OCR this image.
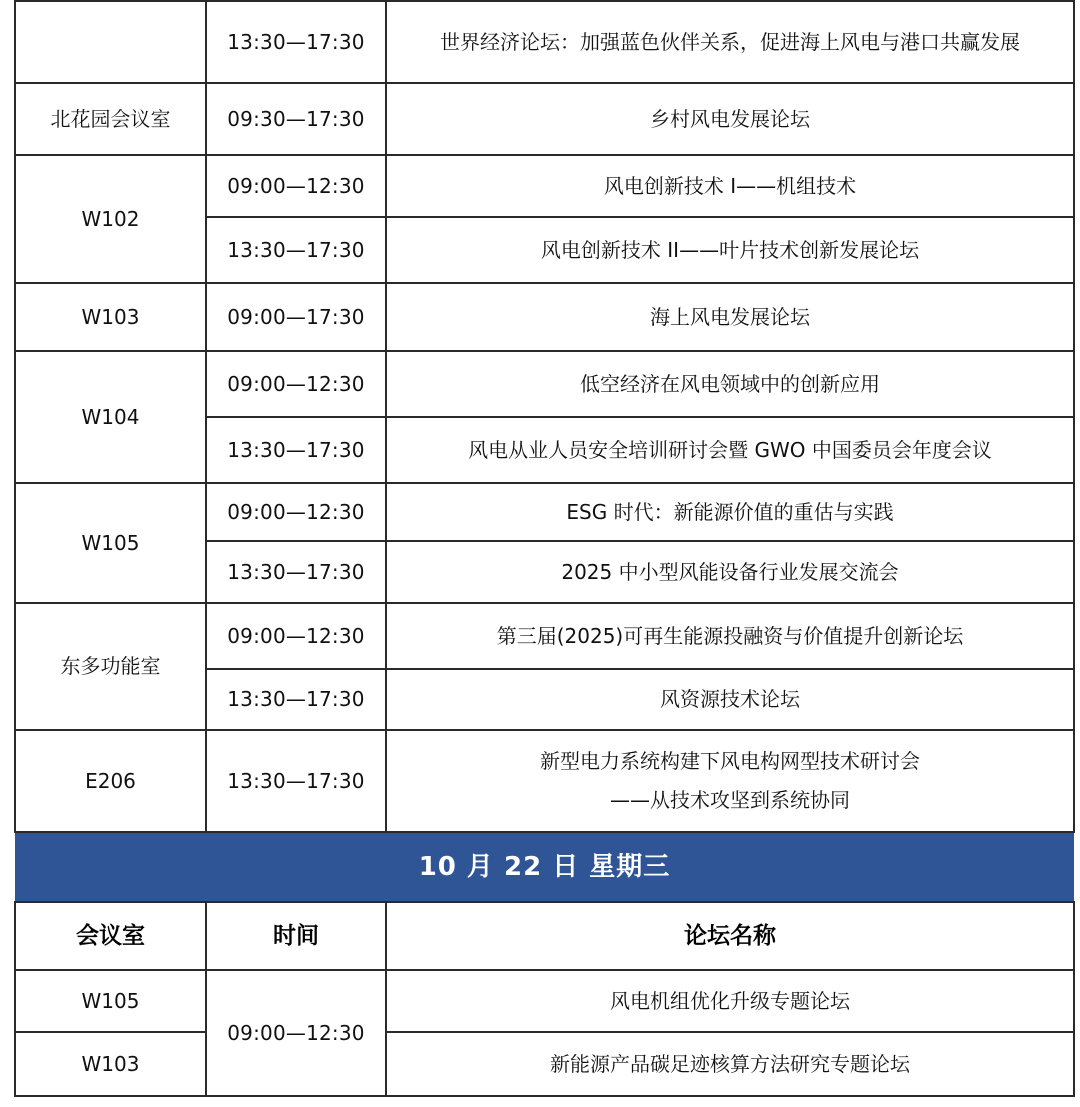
	13:30—17:30	世界经济论坛：加强蓝色伙伴关系，促进海上风电与港口共赢发展
北花园会议室	09:30—17:30	乡村风电发展论坛
W102	09:00—12:30	风电创新技术 I——机组技术
	13:30—17:30	风电创新技术 II——叶片技术创新发展论坛
W103	09:00—17:30	海上风电发展论坛
W104	09:00—12:30	低空经济在风电领域中的创新应用
	13:30—17:30	风电从业人员安全培训研讨会暨 GWO 中国委员会年度会议
W105	09:00—12:30	ESG 时代：新能源价值的重估与实践
	13:30—17:30	2025 中小型风能设备行业发展交流会
东多功能室	09:00—12:30	第三届(2025)可再生能源投融资与价值提升创新论坛
	13:30—17:30	风资源技术论坛
E206	13:30—17:30	新型电力系统构建下风电构网型技术研讨会
——从技术攻坚到系统协同

10 月 22 日 星期三		
会议室	时间	论坛名称
W105	09:00—12:30	风电机组优化升级专题论坛
W103		新能源产品碳足迹核算方法研究专题论坛
